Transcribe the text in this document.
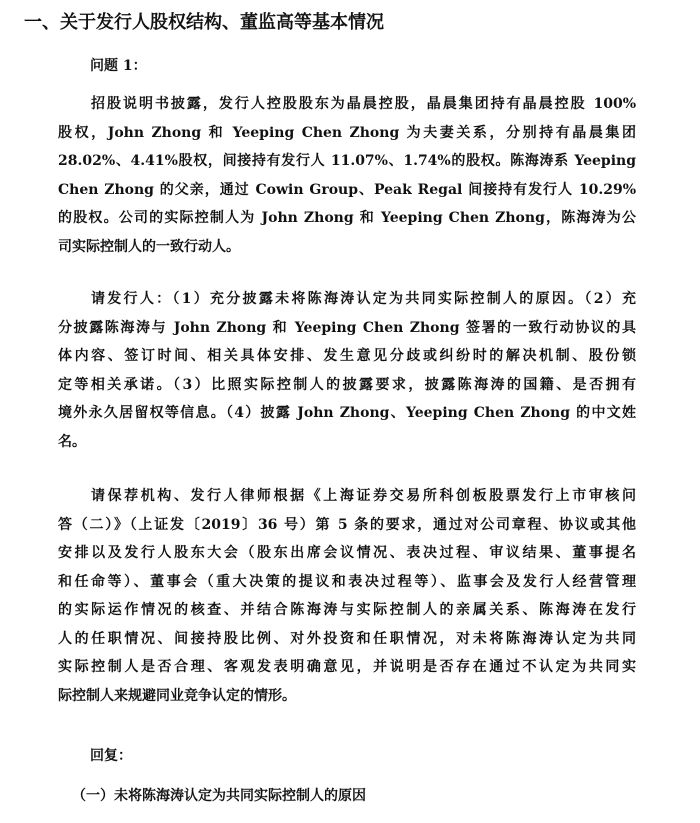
一、关于发行人股权结构、董监高等基本情况
问题 1：
招股说明书披露，发行人控股股东为晶晨控股，晶晨集团持有晶晨控股 100%
股权，John Zhong 和 Yeeping Chen Zhong 为夫妻关系，分别持有晶晨集团
28.02%、4.41%股权，间接持有发行人 11.07%、1.74%的股权。陈海涛系 Yeeping
Chen Zhong 的父亲，通过 Cowin Group、Peak Regal 间接持有发行人 10.29%
的股权。公司的实际控制人为 John Zhong 和 Yeeping Chen Zhong，陈海涛为公
司实际控制人的一致行动人。
请发行人：（1）充分披露未将陈海涛认定为共同实际控制人的原因。（2）充
分披露陈海涛与 John Zhong 和 Yeeping Chen Zhong 签署的一致行动协议的具
体内容、签订时间、相关具体安排、发生意见分歧或纠纷时的解决机制、股份锁
定等相关承诺。（3）比照实际控制人的披露要求，披露陈海涛的国籍、是否拥有
境外永久居留权等信息。（4）披露 John Zhong、Yeeping Chen Zhong 的中文姓
名。
请保荐机构、发行人律师根据《上海证券交易所科创板股票发行上市审核问
答（二）》（上证发〔2019〕36 号）第 5 条的要求，通过对公司章程、协议或其他
安排以及发行人股东大会（股东出席会议情况、表决过程、审议结果、董事提名
和任命等）、董事会（重大决策的提议和表决过程等）、监事会及发行人经营管理
的实际运作情况的核查、并结合陈海涛与实际控制人的亲属关系、陈海涛在发行
人的任职情况、间接持股比例、对外投资和任职情况，对未将陈海涛认定为共同
实际控制人是否合理、客观发表明确意见，并说明是否存在通过不认定为共同实
际控制人来规避同业竞争认定的情形。
回复：
（一）未将陈海涛认定为共同实际控制人的原因
